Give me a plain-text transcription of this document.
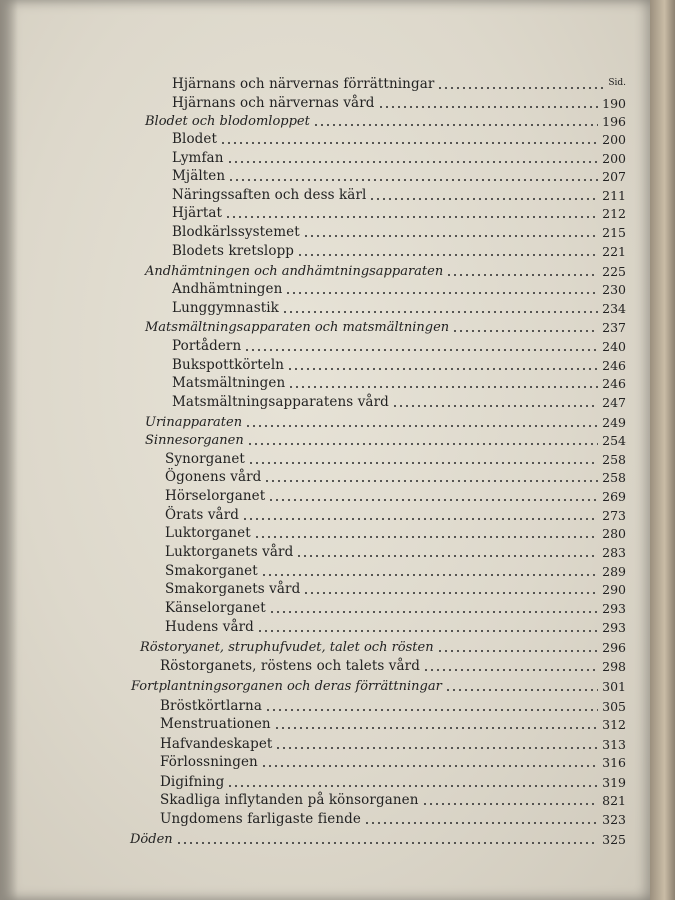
Hjärnans och närvernas förrättningar	Sid.
Hjärnans och närvernas vård	190
Blodet och blodomloppet	196
Blodet	200
Lymfan	200
Mjälten	207
Näringssaften och dess kärl	211
Hjärtat	212
Blodkärlssystemet	215
Blodets kretslopp	221
Andhämtningen och andhämtningsapparaten	225
Andhämtningen	230
Lunggymnastik	234
Matsmältningsapparaten och matsmältningen	237
Portådern	240
Bukspottkörteln	246
Matsmältningen	246
Matsmältningsapparatens vård	247
Urinapparaten	249
Sinnesorganen	254
Synorganet	258
Ögonens vård	258
Hörselorganet	269
Örats vård	273
Luktorganet	280
Luktorganets vård	283
Smakorganet	289
Smakorganets vård	290
Känselorganet	293
Hudens vård	293
Röstoryanet, struphufvudet, talet och rösten	296
Röstorganets, röstens och talets vård	298
Fortplantningsorganen och deras förrättningar	301
Bröstkörtlarna	305
Menstruationen	312
Hafvandeskapet	313
Förlossningen	316
Digifning	319
Skadliga inflytanden på könsorganen	821
Ungdomens farligaste fiende	323
Döden	325
